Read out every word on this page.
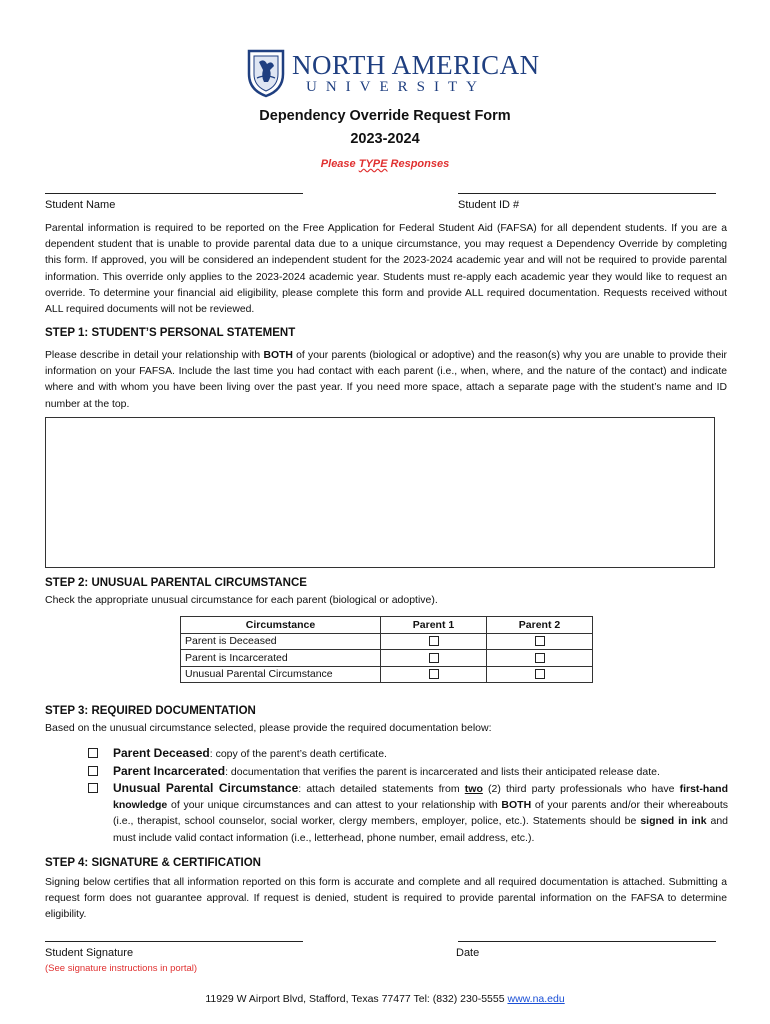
NORTH AMERICAN
UNIVERSITY
Dependency Override Request Form
2023-2024
Please TYPE Responses
Student Name	Student ID #
Parental information is required to be reported on the Free Application for Federal Student Aid (FAFSA) for all dependent students. If you are a dependent student that is unable to provide parental data due to a unique circumstance, you may request a Dependency Override by completing this form. If approved, you will be considered an independent student for the 2023-2024 academic year and will not be required to provide parental information. This override only applies to the 2023-2024 academic year. Students must re-apply each academic year they would like to request an override. To determine your financial aid eligibility, please complete this form and provide ALL required documentation. Requests received without ALL required documents will not be reviewed.
STEP 1: STUDENT’S PERSONAL STATEMENT
Please describe in detail your relationship with BOTH of your parents (biological or adoptive) and the reason(s) why you are unable to provide their information on your FAFSA. Include the last time you had contact with each parent (i.e., when, where, and the nature of the contact) and indicate where and with whom you have been living over the past year. If you need more space, attach a separate page with the student’s name and ID number at the top.
STEP 2: UNUSUAL PARENTAL CIRCUMSTANCE
Check the appropriate unusual circumstance for each parent (biological or adoptive).
Circumstance	Parent 1	Parent 2
Parent is Deceased		
Parent is Incarcerated		
Unusual Parental Circumstance		
STEP 3: REQUIRED DOCUMENTATION
Based on the unusual circumstance selected, please provide the required documentation below:
Parent Deceased: copy of the parent’s death certificate.
Parent Incarcerated: documentation that verifies the parent is incarcerated and lists their anticipated release date.
Unusual Parental Circumstance: attach detailed statements from two (2) third party professionals who have first-hand knowledge of your unique circumstances and can attest to your relationship with BOTH of your parents and/or their whereabouts (i.e., therapist, school counselor, social worker, clergy members, employer, police, etc.). Statements should be signed in ink and must include valid contact information (i.e., letterhead, phone number, email address, etc.).
STEP 4: SIGNATURE & CERTIFICATION
Signing below certifies that all information reported on this form is accurate and complete and all required documentation is attached. Submitting a request form does not guarantee approval. If request is denied, student is required to provide parental information on the FAFSA to determine eligibility.
Student Signature	Date
(See signature instructions in portal)
11929 W Airport Blvd, Stafford, Texas 77477 Tel: (832) 230-5555 www.na.edu
